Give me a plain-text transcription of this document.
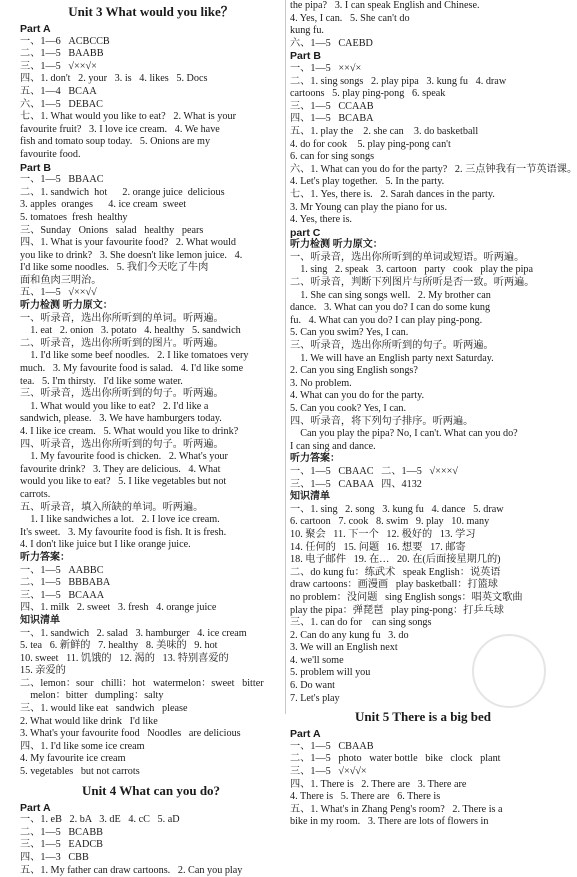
Unit 3 What would you like？
Part A
一、1—6   ACBCCB
二、1—5   BAABB
三、1—5   √××√×
四、1. don't   2. your   3. is   4. likes   5. Docs
五、1—4   BCAA
六、1—5   DEBAC
七、1. What would you like to eat?   2. What is your
favourite fruit?   3. I love ice cream.   4. We have
fish and tomato soup today.   5. Onions are my
favourite food.
Part B
一、1—5   BBAAC
二、1. sandwich  hot      2. orange juice  delicious
3. apples  oranges      4. ice cream  sweet
5. tomatoes  fresh  healthy
三、Sunday   Onions   salad   healthy   pears
四、1. What is your favourite food?   2. What would
you like to drink?   3. She doesn't like lemon juice.   4.
I'd like some noodles.   5. 我们今天吃了牛肉
面和鱼肉三明治。
五、1—5   √××√√
听力检测 听力原文：
一、听录音，选出你所听到的单词。听两遍。
1. eat   2. onion   3. potato   4. healthy   5. sandwich
二、听录音，选出你所听到的图片。听两遍。
1. I'd like some beef noodles.   2. I like tomatoes very
much.   3. My favourite food is salad.   4. I'd like some
tea.   5. I'm thirsty.   I'd like some water.
三、听录音，选出你所听到的句子。听两遍。
1. What would you like to eat?   2. I'd like a
sandwich, please.   3. We have hamburgers today.
4. I like ice cream.   5. What would you like to drink?
四、听录音，选出你所听到的句子。听两遍。
1. My favourite food is chicken.   2. What's your
favourite drink?   3. They are delicious.   4. What
would you like to eat?   5. I like vegetables but not
carrots.
五、听录音，填入所缺的单词。听两遍。
1. I like sandwiches a lot.   2. I love ice cream.
It's sweet.   3. My favourite food is fish. It is fresh.
4. I don't like juice but I like orange juice.
听力答案：
一、1—5   AABBC
二、1—5   BBBABA
三、1—5   BCAAA
四、1. milk   2. sweet   3. fresh   4. orange juice
知识清单
一、1. sandwich   2. salad   3. hamburger   4. ice cream
5. tea   6. 新鲜的   7. healthy   8. 美味的   9. hot
10. sweet   11. 饥饿的   12. 渴的   13. 特别喜爱的
15. 亲爱的
二、lemon：sour   chilli：hot   watermelon：sweet   bitter
melon：bitter   dumpling：salty
三、1. would like eat   sandwich   please
2. What would like drink   I'd like
3. What's your favourite food   Noodles   are delicious
四、1. I'd like some ice cream
4. My favourite ice cream
5. vegetables   but not carrots
Unit 4 What can you do?
Part A
一、1. eB   2. bA   3. dE   4. cC   5. aD
二、1—5   BCABB
三、1—5   EADCB
四、1—3   CBB
五、1. My father can draw cartoons.   2. Can you play
the pipa?   3. I can speak English and Chinese.
4. Yes, I can.   5. She can't do
kung fu.
六、1—5   CAEBD
Part B
一、1—5   ××√×
二、1. sing songs   2. play pipa   3. kung fu   4. draw
cartoons   5. play ping-pong   6. speak
三、1—5   CCAAB
四、1—5   BCABA
五、1. play the    2. she can    3. do basketball
4. do for cook    5. play ping-pong can't
6. can for sing songs
六、1. What can you do for the party?   2. 三点钟我有一节英语课。
4. Let's play together.   5. In the party.
七、1. Yes, there is.   2. Sarah dances in the party.
3. Mr Young can play the piano for us.
4. Yes, there is.
part C
听力检测 听力原文：
一、听录音，选出你所听到的单词或短语。听两遍。
1. sing   2. speak   3. cartoon   party   cook   play the pipa
二、听录音，判断下列图片与所听是否一致。听两遍。
1. She can sing songs well.   2. My brother can
dance.   3. What can you do? I can do some kung
fu.   4. What can you do? I can play ping-pong.
5. Can you swim? Yes, I can.
三、听录音，选出你所听到的句子。听两遍。
1. We will have an English party next Saturday.
2. Can you sing English songs?
3. No problem.
4. What can you do for the party.
5. Can you cook? Yes, I can.
四、听录音，将下列句子排序。听两遍。
Can you play the pipa? No, I can't. What can you do?
I can sing and dance.
听力答案：
一、1—5   CBAAC   二、1—5   √×××√
三、1—5   CABAA   四、4132
知识清单
一、1. sing   2. song   3. kung fu   4. dance   5. draw
6. cartoon   7. cook   8. swim   9. play   10. many
10. 聚会   11. 下一个   12. 极好的   13. 学习
14. 任何的   15. 问题   16. 想要   17. 邮寄
18. 电子邮件   19. 在…   20. 在(后面接星期几的)
二、do kung fu：练武术   speak English：说英语
draw cartoons：画漫画   play basketball：打篮球
no problem：没问题   sing English songs：唱英文歌曲
play the pipa：弹琵琶   play ping-pong：打乒乓球
三、1. can do for    can sing songs
2. Can do any kung fu   3. do
3. We will an English next
4. we'll some
5. problem will you
6. Do want
7. Let's play
Unit 5 There is a big bed
Part A
一、1—5   CBAAB
二、1—5   photo   water bottle   bike   clock   plant
三、1—5   √×√√×
四、1. There is   2. There are   3. There are
4. There is   5. There are   6. There is
五、1. What's in Zhang Peng's room?   2. There is a
bike in my room.   3. There are lots of flowers in
